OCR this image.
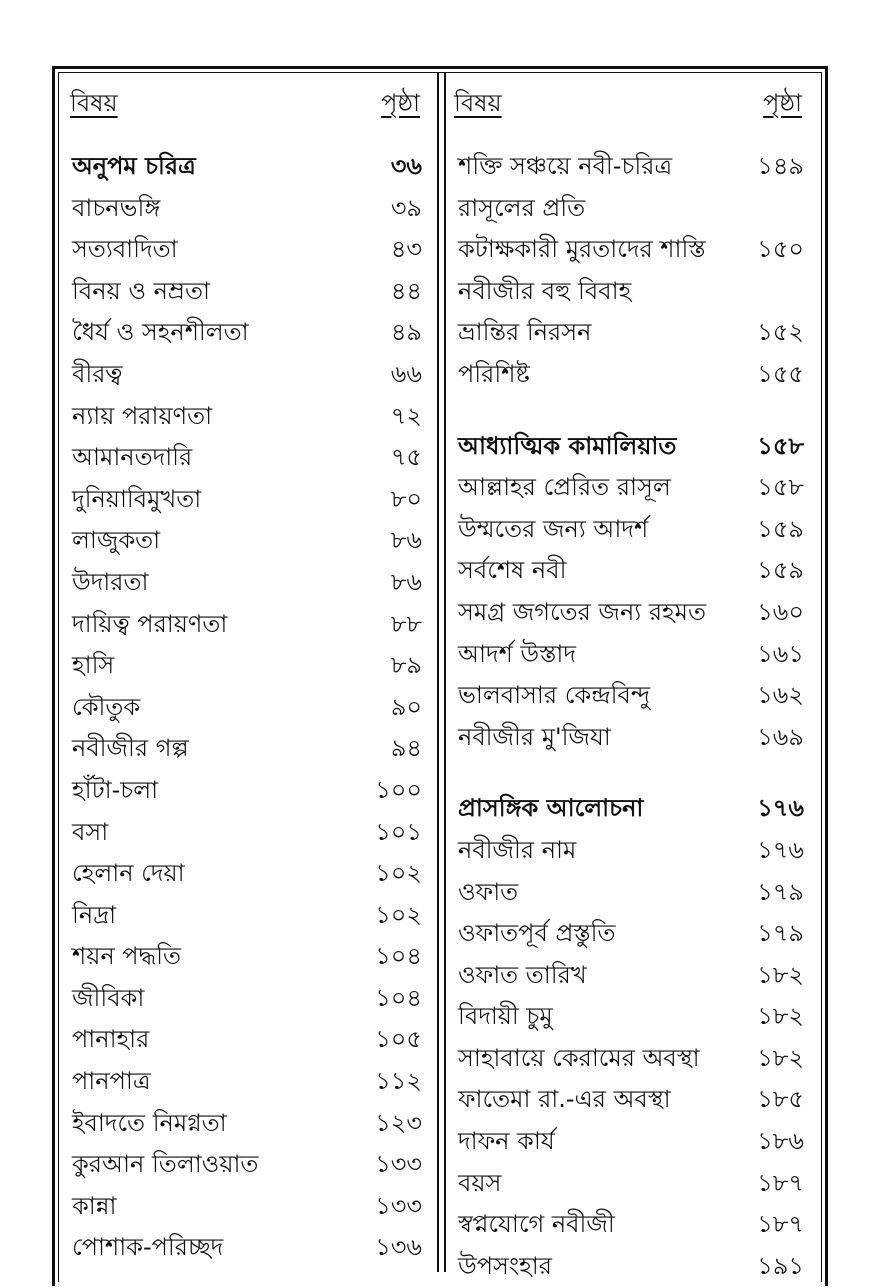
বিষয়	পৃষ্ঠা
অনুপম চরিত্র	৩৬
বাচনভঙ্গি	৩৯
সত্যবাদিতা	৪৩
বিনয় ও নম্রতা	৪৪
ধৈর্য ও সহনশীলতা	৪৯
বীরত্ব	৬৬
ন্যায় পরায়ণতা	৭২
আমানতদারি	৭৫
দুনিয়াবিমুখতা	৮০
লাজুকতা	৮৬
উদারতা	৮৬
দায়িত্ব পরায়ণতা	৮৮
হাসি	৮৯
কৌতুক	৯০
নবীজীর গল্প	৯৪
হাঁটা-চলা	১০০
বসা	১০১
হেলান দেয়া	১০২
নিদ্রা	১০২
শয়ন পদ্ধতি	১০৪
জীবিকা	১০৪
পানাহার	১০৫
পানপাত্র	১১২
ইবাদতে নিমগ্নতা	১২৩
কুরআন তিলাওয়াত	১৩৩
কান্না	১৩৩
পোশাক-পরিচ্ছদ	১৩৬
বিষয়	পৃষ্ঠা
শক্তি সঞ্চয়ে নবী-চরিত্র	১৪৯
রাসূলের প্রতি
কটাক্ষকারী মুরতাদের শাস্তি ১৫০
নবীজীর বহু বিবাহ
ভ্রান্তির নিরসন	১৫২
পরিশিষ্ট	১৫৫
আধ্যাত্মিক কামালিয়াত	১৫৮
আল্লাহর প্রেরিত রাসূল	১৫৮
উম্মতের জন্য আদর্শ	১৫৯
সর্বশেষ নবী	১৫৯
সমগ্র জগতের জন্য রহমত ১৬০
আদর্শ উস্তাদ	১৬১
ভালবাসার কেন্দ্রবিন্দু	১৬২
নবীজীর মু'জিযা	১৬৯
প্রাসঙ্গিক আলোচনা	১৭৬
নবীজীর নাম	১৭৬
ওফাত	১৭৯
ওফাতপূর্ব প্রস্তুতি	১৭৯
ওফাত তারিখ	১৮২
বিদায়ী চুমু	১৮২
সাহাবায়ে কেরামের অবস্থা ১৮২
ফাতেমা রা.-এর অবস্থা	১৮৫
দাফন কার্য	১৮৬
বয়স	১৮৭
স্বপ্নযোগে নবীজী	১৮৭
উপসংহার	১৯১
